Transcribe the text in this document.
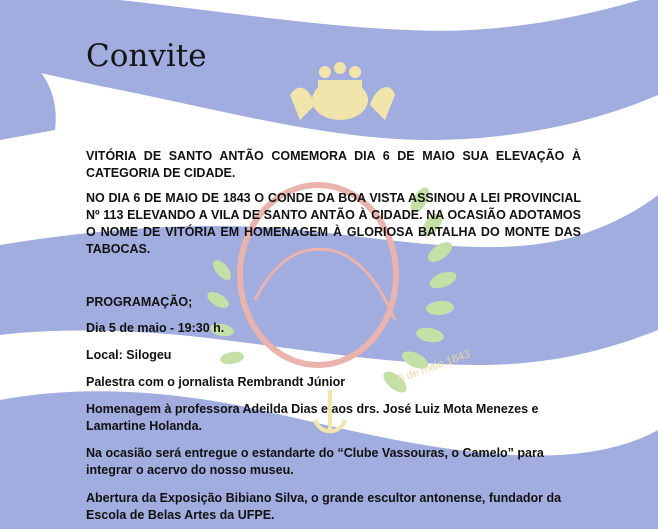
Convite

VITÓRIA DE SANTO ANTÃO COMEMORA DIA 6 DE MAIO SUA ELEVAÇÃO À CATEGORIA DE CIDADE.

NO DIA 6 DE MAIO DE 1843 O CONDE DA BOA VISTA ASSINOU A LEI PROVINCIAL Nº 113 ELEVANDO A VILA DE SANTO ANTÃO À CIDADE. NA OCASIÃO ADOTAMOS O NOME DE VITÓRIA EM HOMENAGEM À GLORIOSA BATALHA DO MONTE DAS TABOCAS.

PROGRAMAÇÃO;

Dia 5 de maio - 19:30 h.

Local: Silogeu

Palestra com o jornalista Rembrandt Júnior

Homenagem à professora Adeilda Dias e aos drs. José Luiz Mota Menezes e Lamartine Holanda.

Na ocasião será entregue o estandarte do “Clube Vassouras, o Camelo” para integrar o acervo do nosso museu.

Abertura da Exposição Bibiano Silva, o grande escultor antonense, fundador da Escola de Belas Artes da UFPE.
